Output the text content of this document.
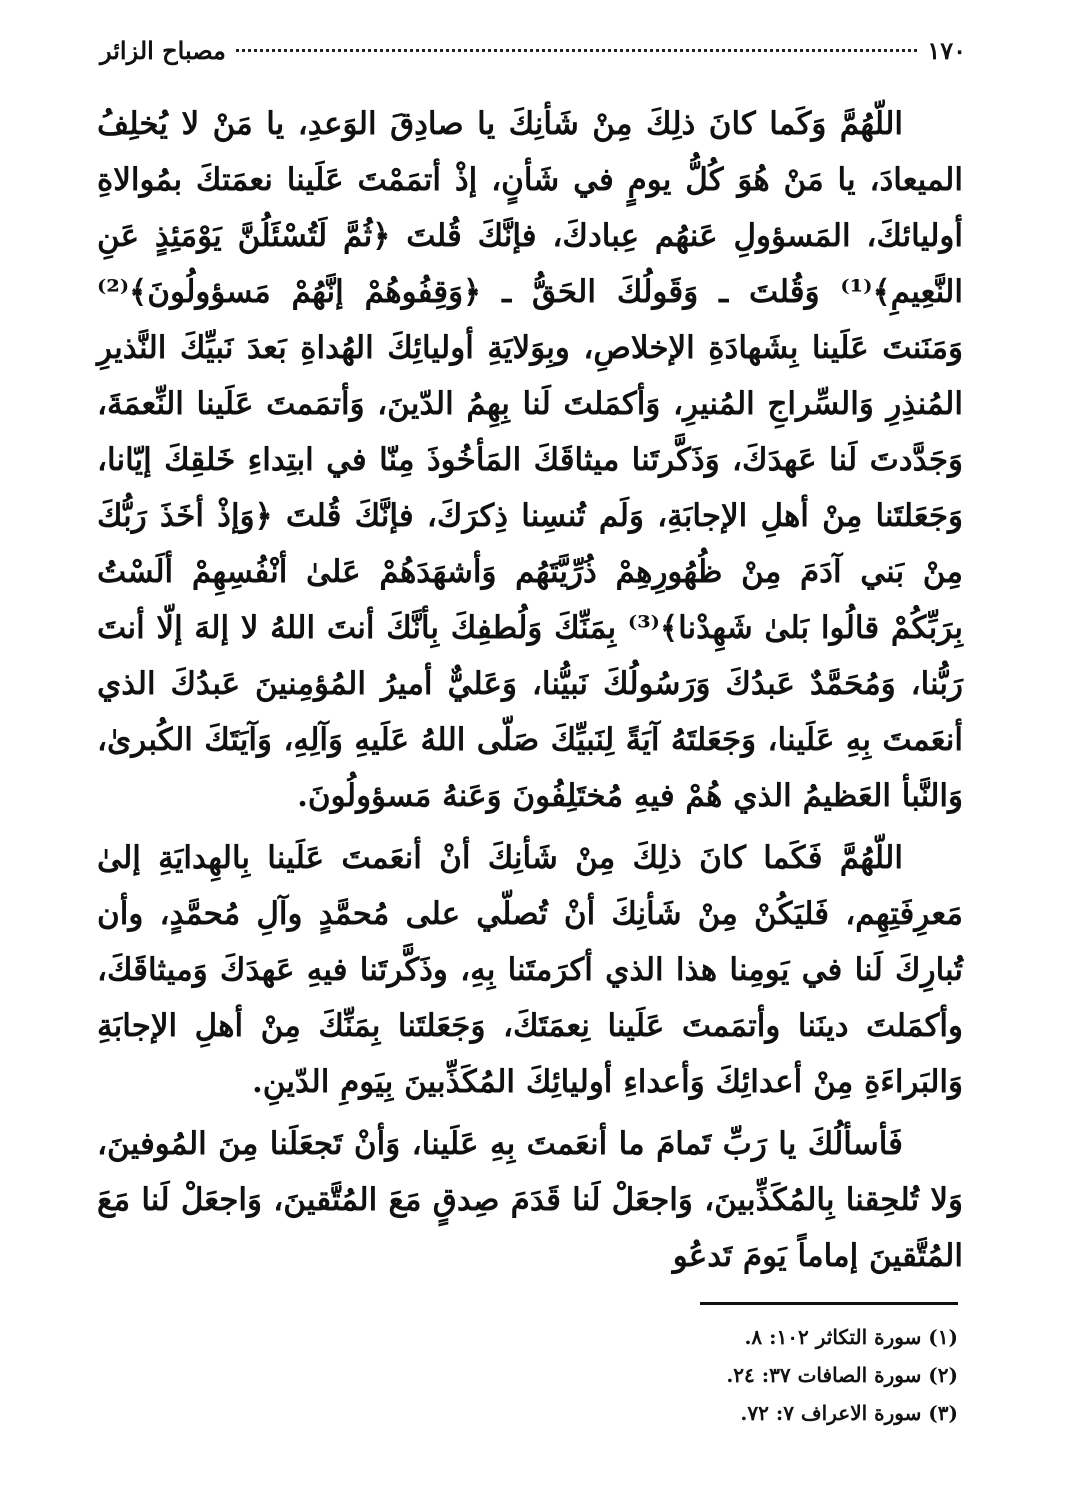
١٧٠
مصباح الزائر

اللّهُمَّ وَكَما كانَ ذلِكَ مِنْ شَأنِكَ يا صادِقَ الوَعدِ، يا مَنْ لا يُخلِفُ الميعادَ، يا مَنْ هُوَ كُلُّ يومٍ في شَأنٍ، إذْ أتمَمْتَ عَلَينا نعمَتكَ بمُوالاةِ أوليائكَ، المَسؤولِ عَنهُم عِبادكَ، فإنَّكَ قُلتَ ﴿ثُمَّ لَتُسْئَلُنَّ يَوْمَئِذٍ عَنِ النَّعِيمِ﴾⁽¹⁾ وَقُلتَ ـ وَقَولُكَ الحَقُّ ـ ﴿وَقِفُوهُمْ إنَّهُمْ مَسؤولُونَ﴾⁽²⁾ وَمَنَنتَ عَلَينا بِشَهادَةِ الإخلاصِ، وبِوَلايَةِ أوليائِكَ الهُداةِ بَعدَ نَبيِّكَ النَّذيرِ المُنذِرِ وَالسِّراجِ المُنيرِ، وَأكمَلتَ لَنا بِهِمُ الدّينَ، وَأتمَمتَ عَلَينا النِّعمَةَ، وَجَدَّدتَ لَنا عَهدَكَ، وَذَكَّرتَنا ميثاقَكَ المَأخُوذَ مِنّا في ابتِداءِ خَلقِكَ إيّانا، وَجَعَلتَنا مِنْ أهلِ الإجابَةِ، وَلَم تُنسِنا ذِكرَكَ، فإنَّكَ قُلتَ ﴿وَإذْ أخَذَ رَبُّكَ مِنْ بَني آدَمَ مِنْ ظُهُورِهِمْ ذُرِّيَّتَهُم وَأشهَدَهُمْ عَلىٰ أنْفُسِهِمْ ألَسْتُ بِرَبِّكُمْ قالُوا بَلىٰ شَهِدْنا﴾⁽³⁾ بِمَنِّكَ وَلُطفِكَ بِأنَّكَ أنتَ اللهُ لا إلهَ إلّا أنتَ رَبُّنا، وَمُحَمَّدٌ عَبدُكَ وَرَسُولُكَ نَبيُّنا، وَعَليٌّ أميرُ المُؤمِنينَ عَبدُكَ الذي أنعَمتَ بِهِ عَلَينا، وَجَعَلتَهُ آيَةً لِنَبيِّكَ صَلّى اللهُ عَلَيهِ وَآلِهِ، وَآيَتَكَ الكُبرىٰ، وَالنَّبأ العَظيمُ الذي هُمْ فيهِ مُختَلِفُونَ وَعَنهُ مَسؤولُونَ.

اللّهُمَّ فَكَما كانَ ذلِكَ مِنْ شَأنِكَ أنْ أنعَمتَ عَلَينا بِالهِدايَةِ إلىٰ مَعرِفَتِهِم، فَليَكُنْ مِنْ شَأنِكَ أنْ تُصلّي على مُحمَّدٍ وآلِ مُحمَّدٍ، وأن تُبارِكَ لَنا في يَومِنا هذا الذي أكرَمتَنا بِهِ، وذَكَّرتَنا فيهِ عَهدَكَ وَميثاقَكَ، وأكمَلتَ دينَنا وأتمَمتَ عَلَينا نِعمَتَكَ، وَجَعَلتَنا بِمَنِّكَ مِنْ أهلِ الإجابَةِ وَالبَراءَةِ مِنْ أعدائِكَ وَأعداءِ أوليائِكَ المُكَذِّبينَ بِيَومِ الدّينِ.

فَأسألُكَ يا رَبِّ تَمامَ ما أنعَمتَ بِهِ عَلَينا، وَأنْ تَجعَلَنا مِنَ المُوفينَ، وَلا تُلحِقنا بِالمُكَذِّبينَ، وَاجعَلْ لَنا قَدَمَ صِدقٍ مَعَ المُتَّقينَ، وَاجعَلْ لَنا مَعَ المُتَّقينَ إماماً يَومَ تَدعُو

(١) سورة التكاثر ١٠٢: ٨.
(٢) سورة الصافات ٣٧: ٢٤.
(٣) سورة الاعراف ٧: ٧٢.
